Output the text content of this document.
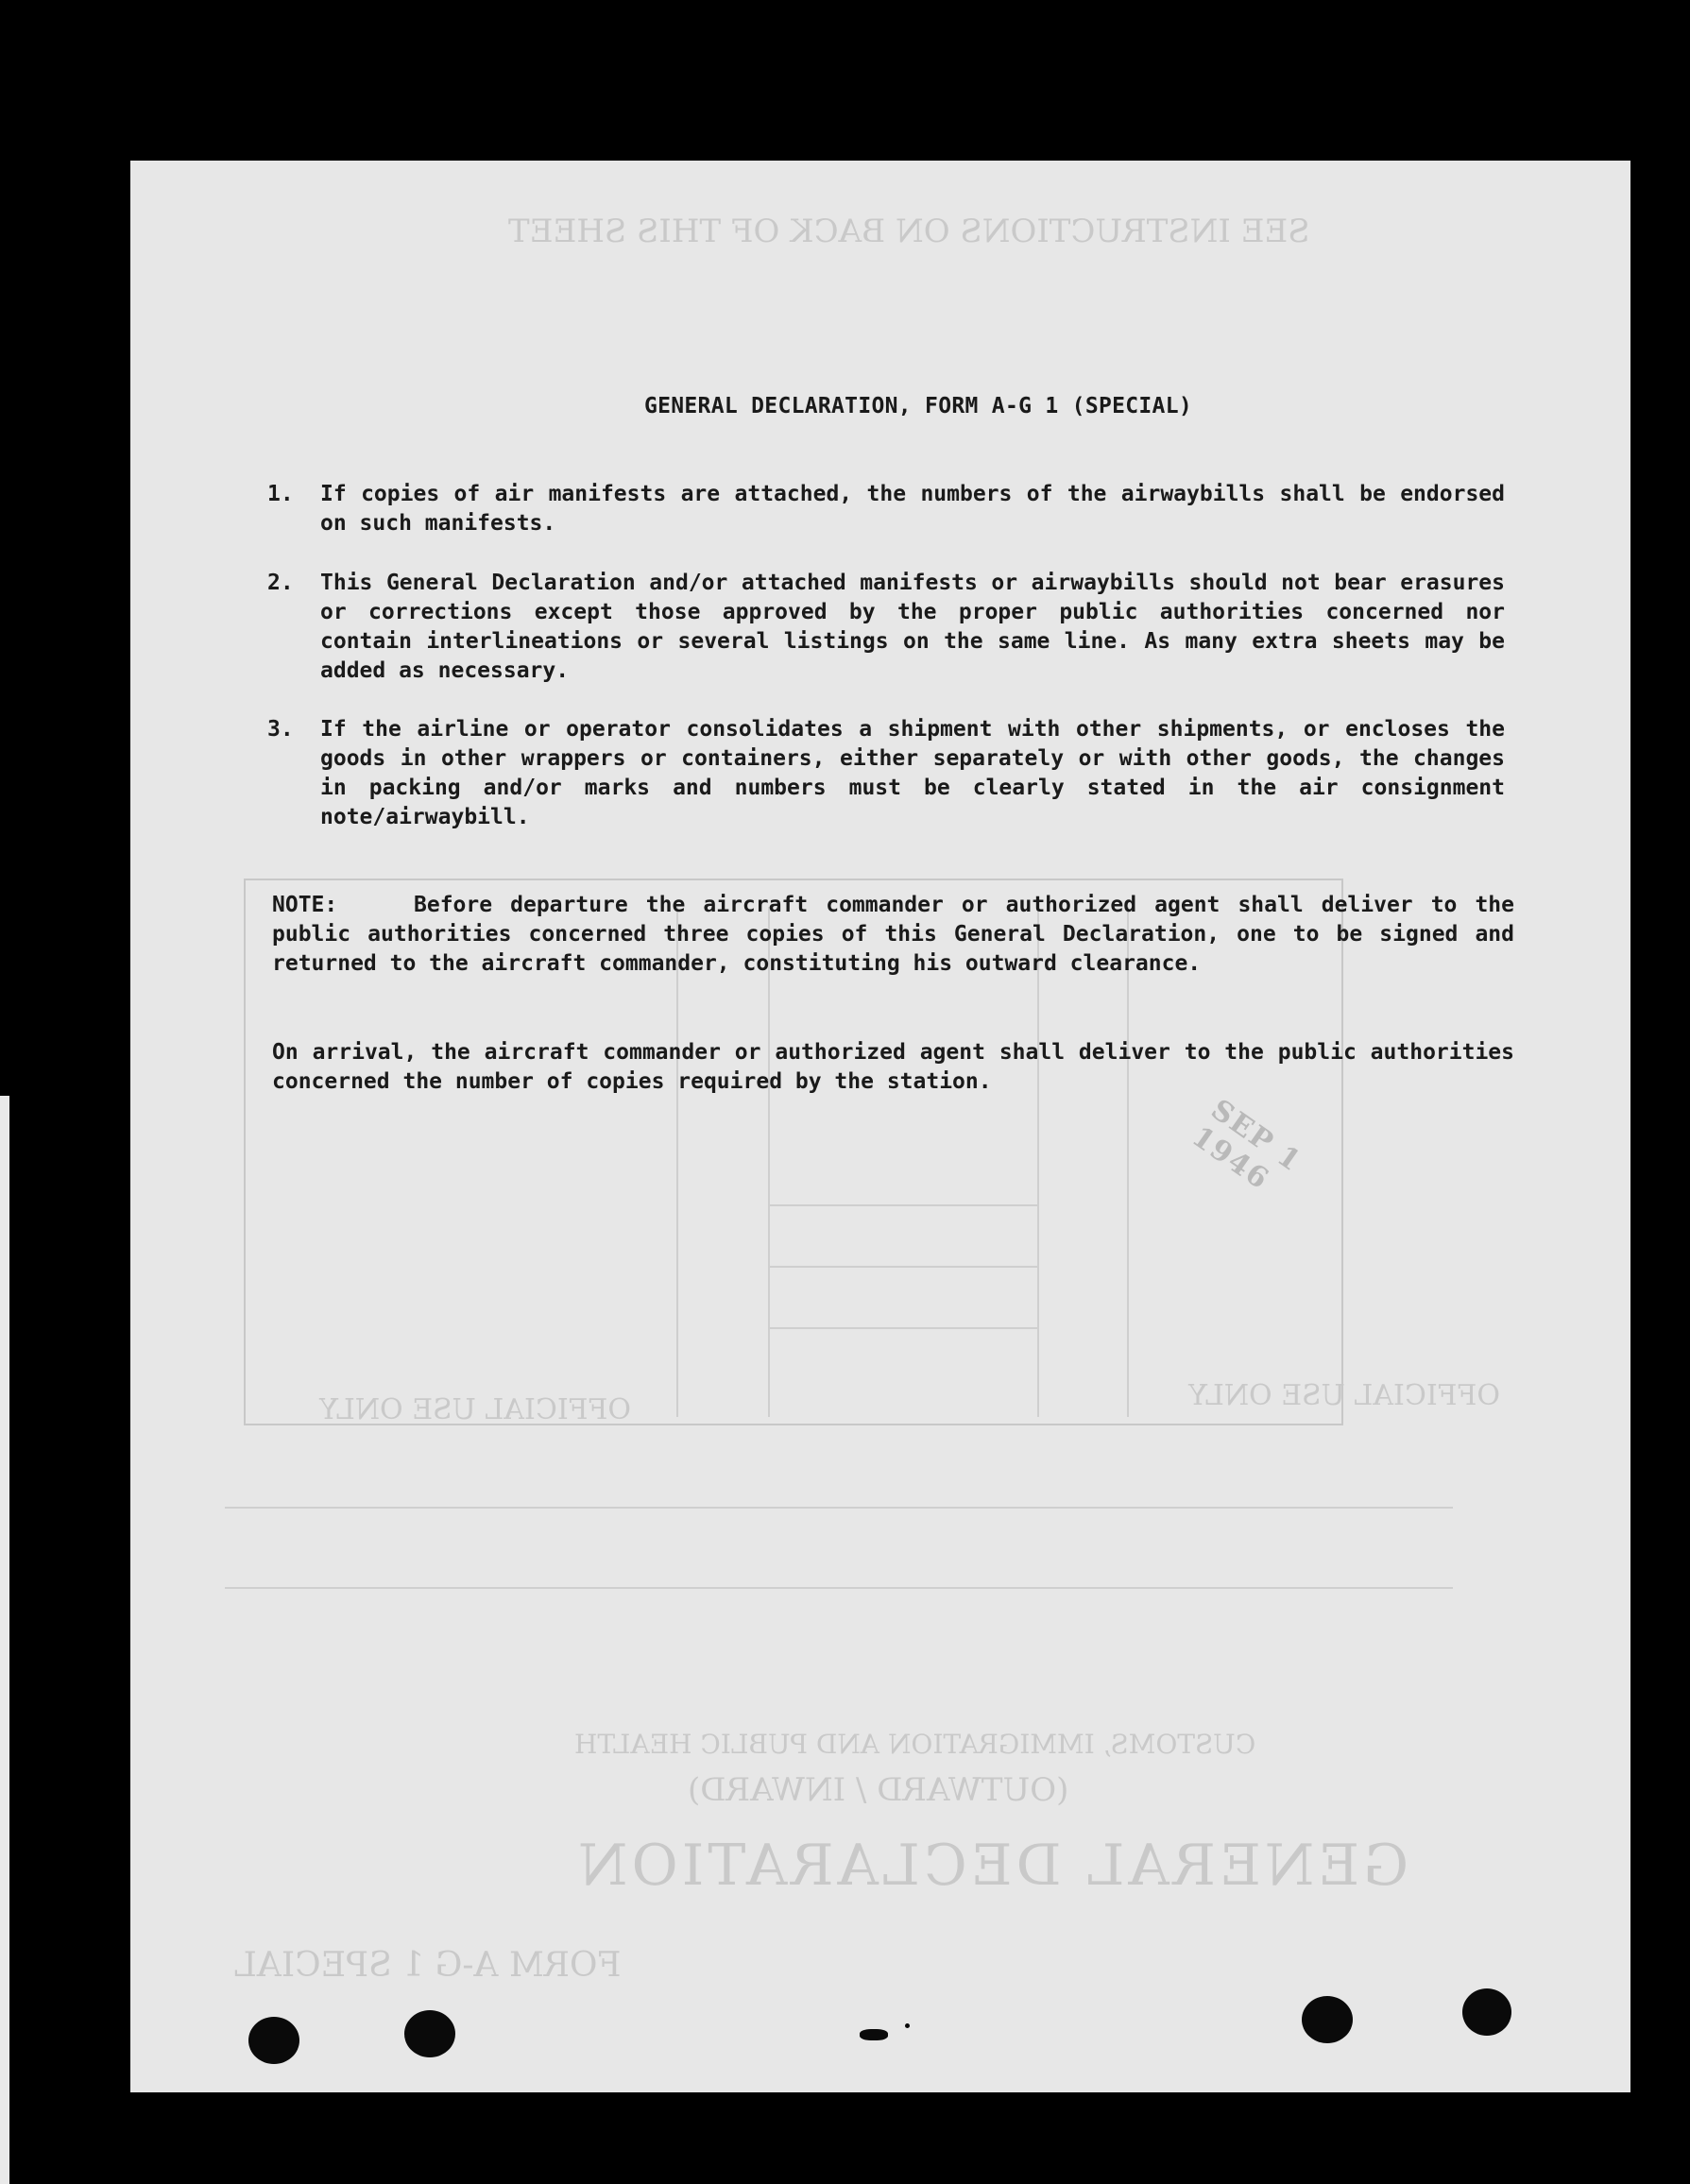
SEE INSTRUCTIONS ON BACK OF THIS SHEET
GENERAL DECLARATION
(OUTWARD / INWARD)
CUSTOMS, IMMIGRATION AND PUBLIC HEALTH
FORM A-G 1 SPECIAL
OFFICIAL USE ONLY	OFFICIAL USE ONLY
SEP 1 1946
GENERAL DECLARATION, FORM A-G 1 (SPECIAL)
1.	If copies of air manifests are attached, the numbers of the airwaybills shall be endorsed on such manifests.
2.	This General Declaration and/or attached manifests or airwaybills should not bear erasures or corrections except those approved by the proper public authorities concerned nor contain interlineations or several listings on the same line. As many extra sheets may be added as necessary.
3.	If the airline or operator consolidates a shipment with other shipments, or encloses the goods in other wrappers or containers, either separately or with other goods, the changes in packing and/or marks and numbers must be clearly stated in the air consignment note/airwaybill.
NOTE:	Before departure the aircraft commander or authorized agent shall deliver to the public authorities concerned three copies of this General Declaration, one to be signed and returned to the aircraft commander, constituting his outward clearance.
On arrival, the aircraft commander or authorized agent shall deliver to the public authorities concerned the number of copies required by the station.
